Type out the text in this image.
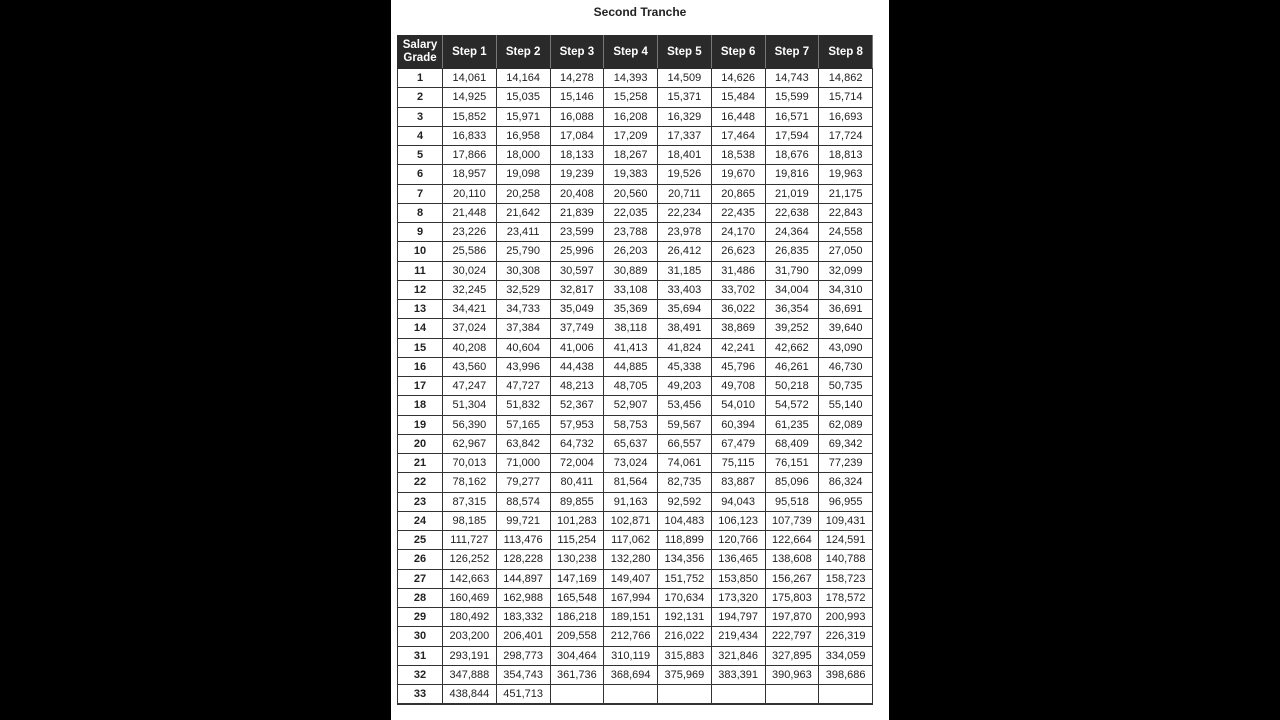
Second Tranche
Salary Grade	Step 1	Step 2	Step 3	Step 4	Step 5	Step 6	Step 7	Step 8
1	14,061	14,164	14,278	14,393	14,509	14,626	14,743	14,862
2	14,925	15,035	15,146	15,258	15,371	15,484	15,599	15,714
3	15,852	15,971	16,088	16,208	16,329	16,448	16,571	16,693
4	16,833	16,958	17,084	17,209	17,337	17,464	17,594	17,724
5	17,866	18,000	18,133	18,267	18,401	18,538	18,676	18,813
6	18,957	19,098	19,239	19,383	19,526	19,670	19,816	19,963
7	20,110	20,258	20,408	20,560	20,711	20,865	21,019	21,175
8	21,448	21,642	21,839	22,035	22,234	22,435	22,638	22,843
9	23,226	23,411	23,599	23,788	23,978	24,170	24,364	24,558
10	25,586	25,790	25,996	26,203	26,412	26,623	26,835	27,050
11	30,024	30,308	30,597	30,889	31,185	31,486	31,790	32,099
12	32,245	32,529	32,817	33,108	33,403	33,702	34,004	34,310
13	34,421	34,733	35,049	35,369	35,694	36,022	36,354	36,691
14	37,024	37,384	37,749	38,118	38,491	38,869	39,252	39,640
15	40,208	40,604	41,006	41,413	41,824	42,241	42,662	43,090
16	43,560	43,996	44,438	44,885	45,338	45,796	46,261	46,730
17	47,247	47,727	48,213	48,705	49,203	49,708	50,218	50,735
18	51,304	51,832	52,367	52,907	53,456	54,010	54,572	55,140
19	56,390	57,165	57,953	58,753	59,567	60,394	61,235	62,089
20	62,967	63,842	64,732	65,637	66,557	67,479	68,409	69,342
21	70,013	71,000	72,004	73,024	74,061	75,115	76,151	77,239
22	78,162	79,277	80,411	81,564	82,735	83,887	85,096	86,324
23	87,315	88,574	89,855	91,163	92,592	94,043	95,518	96,955
24	98,185	99,721	101,283	102,871	104,483	106,123	107,739	109,431
25	111,727	113,476	115,254	117,062	118,899	120,766	122,664	124,591
26	126,252	128,228	130,238	132,280	134,356	136,465	138,608	140,788
27	142,663	144,897	147,169	149,407	151,752	153,850	156,267	158,723
28	160,469	162,988	165,548	167,994	170,634	173,320	175,803	178,572
29	180,492	183,332	186,218	189,151	192,131	194,797	197,870	200,993
30	203,200	206,401	209,558	212,766	216,022	219,434	222,797	226,319
31	293,191	298,773	304,464	310,119	315,883	321,846	327,895	334,059
32	347,888	354,743	361,736	368,694	375,969	383,391	390,963	398,686
33	438,844	451,713						
